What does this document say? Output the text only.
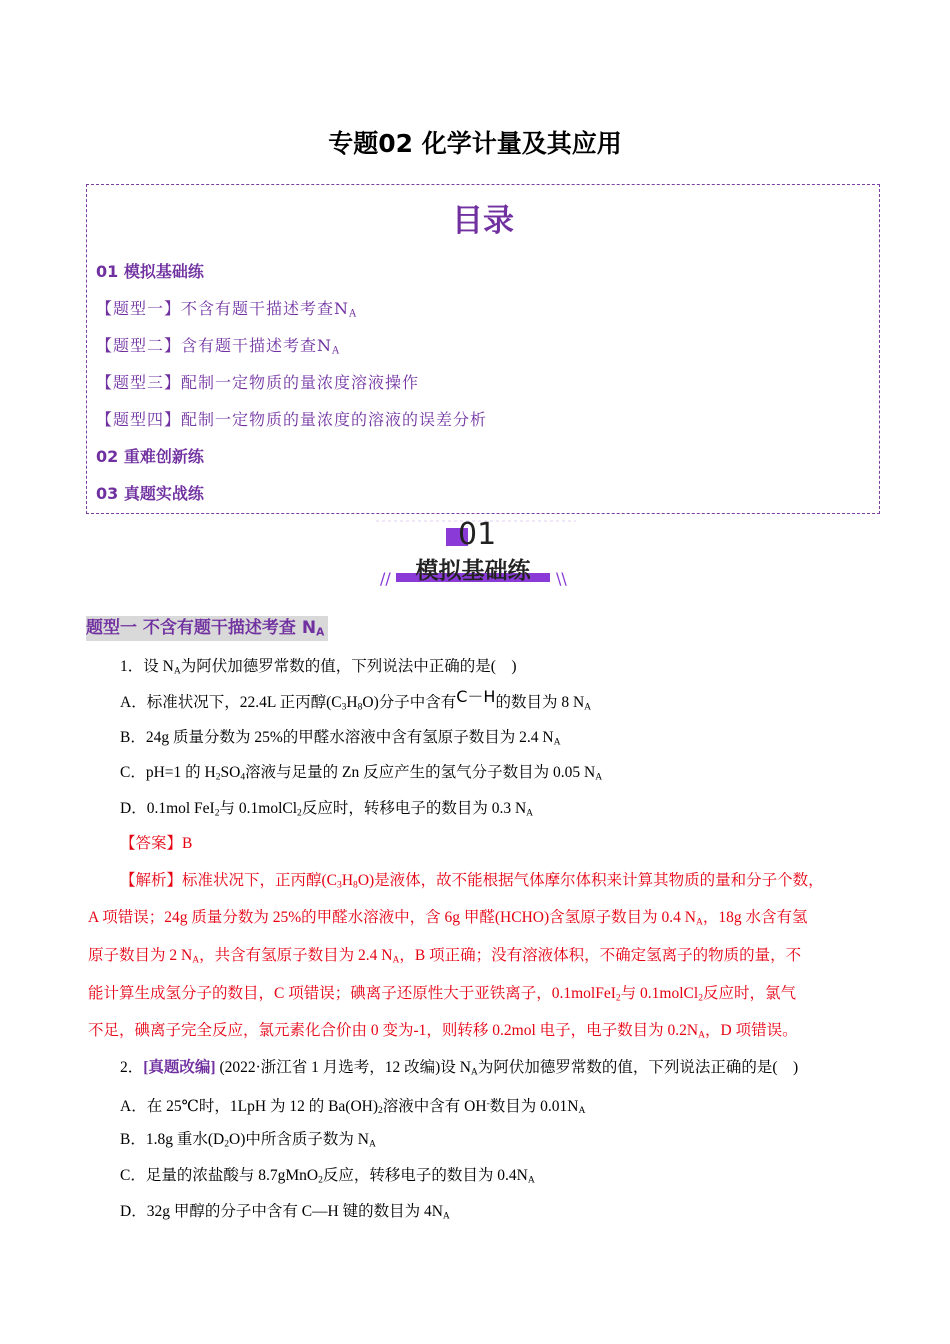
专题02 化学计量及其应用
目录
01 模拟基础练
【题型一】不含有题干描述考查$N_A$
【题型二】含有题干描述考查$N_A$
【题型三】配制一定物质的量浓度溶液操作
【题型四】配制一定物质的量浓度的溶液的误差分析
02 重难创新练
03 真题实战练
01
模拟基础练
//	\\
题型一 不含有题干描述考查 $N_A$
1．设 $N_A$为阿伏加德罗常数的值，下列说法中正确的是(　)
A．标准状况下，22.4L 正丙醇$(C_3H_8O)$分子中含有C－H的数目为 8 $N_A$
B．24g 质量分数为 25%的甲醛水溶液中含有氢原子数目为 2.4 $N_A$
C．pH=1 的 $H_2SO_4$溶液与足量的 Zn 反应产生的氢气分子数目为 0.05 $N_A$
D．0.1mol FeI$_2$与 0.1molCl$_2$反应时，转移电子的数目为 0.3 $N_A$
【答案】B
【解析】标准状况下，正丙醇$(C_3H_8O)$是液体，故不能根据气体摩尔体积来计算其物质的量和分子个数，
A 项错误；24g 质量分数为 25%的甲醛水溶液中，含 6g 甲醛(HCHO)含氢原子数目为 0.4 $N_A$，18g 水含有氢
原子数目为 2 $N_A$，共含有氢原子数目为 2.4 $N_A$，B 项正确；没有溶液体积，不确定氢离子的物质的量，不
能计算生成氢分子的数目，C 项错误；碘离子还原性大于亚铁离子，0.1molFeI$_2$与 0.1molCl$_2$反应时，氯气
不足，碘离子完全反应，氯元素化合价由 0 变为-1，则转移 0.2mol 电子，电子数目为 $0.2N_A$，D 项错误。
2．[真题改编] (2022·浙江省 1 月选考，12 改编)设 $N_A$为阿伏加德罗常数的值，下列说法正确的是(　)
A．在 25℃时，1LpH 为 12 的 $Ba(OH)_2$溶液中含有 OH-数目为 $0.01N_A$
B．1.8g 重水$(D_2O)$中所含质子数为 $N_A$
C．足量的浓盐酸与 8.7gMnO$_2$反应，转移电子的数目为 $0.4N_A$
D．32g 甲醇的分子中含有 C—H 键的数目为 $4N_A$
